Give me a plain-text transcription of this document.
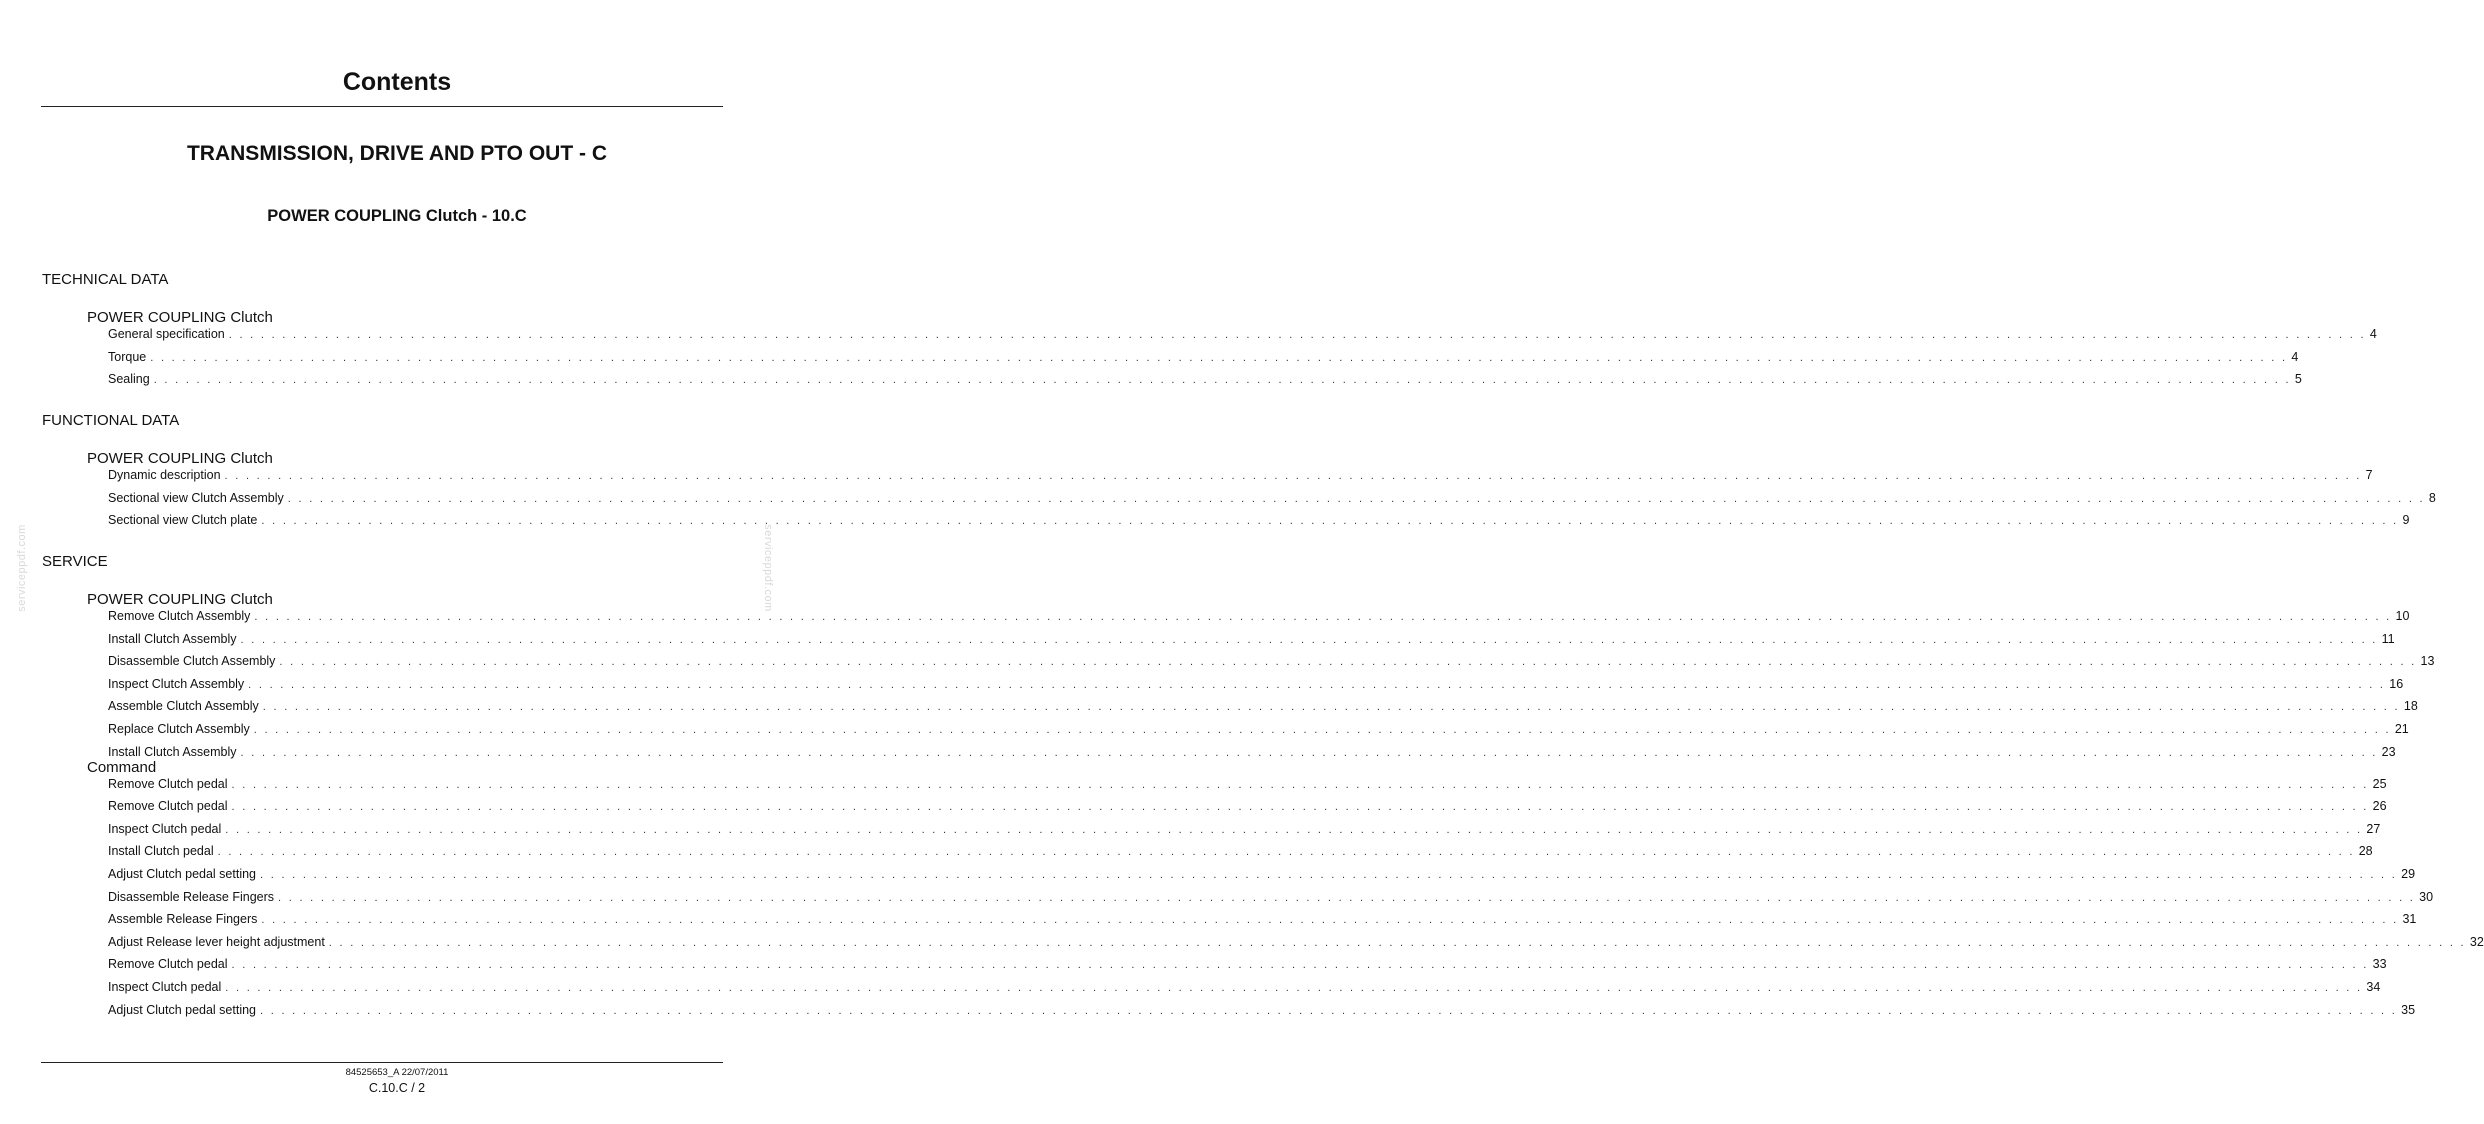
Contents
TRANSMISSION, DRIVE AND PTO OUT - C
POWER COUPLING Clutch - 10.C
serviceppdf.com	serviceppdf.com
TECHNICAL DATA
POWER COUPLING Clutch
General specification . . . . . . . . . . . . . . . . . . . . . . . . . . . . . . . . . . . . . . . . . . . . . . . . . . . . . . . . . . . . . . . . . . . . . . . . . . . . . . . . . . . . . . . . . . . . . . . . . . . . . . . . . . . . . . . . . . . . . . . . . . . . . . . . . . . . . . . . . . . . . . . . . . . . . . . . . . . . . . . . . . . . . . . . . . . . . . . . . . . . . . . . . . . . . . . . . . . . . . . . 4
Torque . . . . . . . . . . . . . . . . . . . . . . . . . . . . . . . . . . . . . . . . . . . . . . . . . . . . . . . . . . . . . . . . . . . . . . . . . . . . . . . . . . . . . . . . . . . . . . . . . . . . . . . . . . . . . . . . . . . . . . . . . . . . . . . . . . . . . . . . . . . . . . . . . . . . . . . . . . . . . . . . . . . . . . . . . . . . . . . . . . . . . . . . . . . . . . . . . . . . . . . . 4
Sealing . . . . . . . . . . . . . . . . . . . . . . . . . . . . . . . . . . . . . . . . . . . . . . . . . . . . . . . . . . . . . . . . . . . . . . . . . . . . . . . . . . . . . . . . . . . . . . . . . . . . . . . . . . . . . . . . . . . . . . . . . . . . . . . . . . . . . . . . . . . . . . . . . . . . . . . . . . . . . . . . . . . . . . . . . . . . . . . . . . . . . . . . . . . . . . . . . . . . . . . . 5
FUNCTIONAL DATA
POWER COUPLING Clutch
Dynamic description . . . . . . . . . . . . . . . . . . . . . . . . . . . . . . . . . . . . . . . . . . . . . . . . . . . . . . . . . . . . . . . . . . . . . . . . . . . . . . . . . . . . . . . . . . . . . . . . . . . . . . . . . . . . . . . . . . . . . . . . . . . . . . . . . . . . . . . . . . . . . . . . . . . . . . . . . . . . . . . . . . . . . . . . . . . . . . . . . . . . . . . . . . . . . . . . . . . . . . . . 7
Sectional view Clutch Assembly . . . . . . . . . . . . . . . . . . . . . . . . . . . . . . . . . . . . . . . . . . . . . . . . . . . . . . . . . . . . . . . . . . . . . . . . . . . . . . . . . . . . . . . . . . . . . . . . . . . . . . . . . . . . . . . . . . . . . . . . . . . . . . . . . . . . . . . . . . . . . . . . . . . . . . . . . . . . . . . . . . . . . . . . . . . . . . . . . . . . . . . . . . . . . . . . . . . . . . . . 8
Sectional view Clutch plate . . . . . . . . . . . . . . . . . . . . . . . . . . . . . . . . . . . . . . . . . . . . . . . . . . . . . . . . . . . . . . . . . . . . . . . . . . . . . . . . . . . . . . . . . . . . . . . . . . . . . . . . . . . . . . . . . . . . . . . . . . . . . . . . . . . . . . . . . . . . . . . . . . . . . . . . . . . . . . . . . . . . . . . . . . . . . . . . . . . . . . . . . . . . . . . . . . . . . . . . 9
SERVICE
POWER COUPLING Clutch
Remove Clutch Assembly . . . . . . . . . . . . . . . . . . . . . . . . . . . . . . . . . . . . . . . . . . . . . . . . . . . . . . . . . . . . . . . . . . . . . . . . . . . . . . . . . . . . . . . . . . . . . . . . . . . . . . . . . . . . . . . . . . . . . . . . . . . . . . . . . . . . . . . . . . . . . . . . . . . . . . . . . . . . . . . . . . . . . . . . . . . . . . . . . . . . . . . . . . . . . . . . . . . . . . . . 10
Install Clutch Assembly . . . . . . . . . . . . . . . . . . . . . . . . . . . . . . . . . . . . . . . . . . . . . . . . . . . . . . . . . . . . . . . . . . . . . . . . . . . . . . . . . . . . . . . . . . . . . . . . . . . . . . . . . . . . . . . . . . . . . . . . . . . . . . . . . . . . . . . . . . . . . . . . . . . . . . . . . . . . . . . . . . . . . . . . . . . . . . . . . . . . . . . . . . . . . . . . . . . . . . . . 11
Disassemble Clutch Assembly . . . . . . . . . . . . . . . . . . . . . . . . . . . . . . . . . . . . . . . . . . . . . . . . . . . . . . . . . . . . . . . . . . . . . . . . . . . . . . . . . . . . . . . . . . . . . . . . . . . . . . . . . . . . . . . . . . . . . . . . . . . . . . . . . . . . . . . . . . . . . . . . . . . . . . . . . . . . . . . . . . . . . . . . . . . . . . . . . . . . . . . . . . . . . . . . . . . . . . . . 13
Inspect Clutch Assembly . . . . . . . . . . . . . . . . . . . . . . . . . . . . . . . . . . . . . . . . . . . . . . . . . . . . . . . . . . . . . . . . . . . . . . . . . . . . . . . . . . . . . . . . . . . . . . . . . . . . . . . . . . . . . . . . . . . . . . . . . . . . . . . . . . . . . . . . . . . . . . . . . . . . . . . . . . . . . . . . . . . . . . . . . . . . . . . . . . . . . . . . . . . . . . . . . . . . . . . . 16
Assemble Clutch Assembly . . . . . . . . . . . . . . . . . . . . . . . . . . . . . . . . . . . . . . . . . . . . . . . . . . . . . . . . . . . . . . . . . . . . . . . . . . . . . . . . . . . . . . . . . . . . . . . . . . . . . . . . . . . . . . . . . . . . . . . . . . . . . . . . . . . . . . . . . . . . . . . . . . . . . . . . . . . . . . . . . . . . . . . . . . . . . . . . . . . . . . . . . . . . . . . . . . . . . . . . 18
Replace Clutch Assembly . . . . . . . . . . . . . . . . . . . . . . . . . . . . . . . . . . . . . . . . . . . . . . . . . . . . . . . . . . . . . . . . . . . . . . . . . . . . . . . . . . . . . . . . . . . . . . . . . . . . . . . . . . . . . . . . . . . . . . . . . . . . . . . . . . . . . . . . . . . . . . . . . . . . . . . . . . . . . . . . . . . . . . . . . . . . . . . . . . . . . . . . . . . . . . . . . . . . . . . . 21
Install Clutch Assembly . . . . . . . . . . . . . . . . . . . . . . . . . . . . . . . . . . . . . . . . . . . . . . . . . . . . . . . . . . . . . . . . . . . . . . . . . . . . . . . . . . . . . . . . . . . . . . . . . . . . . . . . . . . . . . . . . . . . . . . . . . . . . . . . . . . . . . . . . . . . . . . . . . . . . . . . . . . . . . . . . . . . . . . . . . . . . . . . . . . . . . . . . . . . . . . . . . . . . . . . 23
Command
Remove Clutch pedal . . . . . . . . . . . . . . . . . . . . . . . . . . . . . . . . . . . . . . . . . . . . . . . . . . . . . . . . . . . . . . . . . . . . . . . . . . . . . . . . . . . . . . . . . . . . . . . . . . . . . . . . . . . . . . . . . . . . . . . . . . . . . . . . . . . . . . . . . . . . . . . . . . . . . . . . . . . . . . . . . . . . . . . . . . . . . . . . . . . . . . . . . . . . . . . . . . . . . . . . 25
Remove Clutch pedal . . . . . . . . . . . . . . . . . . . . . . . . . . . . . . . . . . . . . . . . . . . . . . . . . . . . . . . . . . . . . . . . . . . . . . . . . . . . . . . . . . . . . . . . . . . . . . . . . . . . . . . . . . . . . . . . . . . . . . . . . . . . . . . . . . . . . . . . . . . . . . . . . . . . . . . . . . . . . . . . . . . . . . . . . . . . . . . . . . . . . . . . . . . . . . . . . . . . . . . . 26
Inspect Clutch pedal . . . . . . . . . . . . . . . . . . . . . . . . . . . . . . . . . . . . . . . . . . . . . . . . . . . . . . . . . . . . . . . . . . . . . . . . . . . . . . . . . . . . . . . . . . . . . . . . . . . . . . . . . . . . . . . . . . . . . . . . . . . . . . . . . . . . . . . . . . . . . . . . . . . . . . . . . . . . . . . . . . . . . . . . . . . . . . . . . . . . . . . . . . . . . . . . . . . . . . . . 27
Install Clutch pedal . . . . . . . . . . . . . . . . . . . . . . . . . . . . . . . . . . . . . . . . . . . . . . . . . . . . . . . . . . . . . . . . . . . . . . . . . . . . . . . . . . . . . . . . . . . . . . . . . . . . . . . . . . . . . . . . . . . . . . . . . . . . . . . . . . . . . . . . . . . . . . . . . . . . . . . . . . . . . . . . . . . . . . . . . . . . . . . . . . . . . . . . . . . . . . . . . . . . . . . . 28
Adjust Clutch pedal setting . . . . . . . . . . . . . . . . . . . . . . . . . . . . . . . . . . . . . . . . . . . . . . . . . . . . . . . . . . . . . . . . . . . . . . . . . . . . . . . . . . . . . . . . . . . . . . . . . . . . . . . . . . . . . . . . . . . . . . . . . . . . . . . . . . . . . . . . . . . . . . . . . . . . . . . . . . . . . . . . . . . . . . . . . . . . . . . . . . . . . . . . . . . . . . . . . . . . . . . . 29
Disassemble Release Fingers . . . . . . . . . . . . . . . . . . . . . . . . . . . . . . . . . . . . . . . . . . . . . . . . . . . . . . . . . . . . . . . . . . . . . . . . . . . . . . . . . . . . . . . . . . . . . . . . . . . . . . . . . . . . . . . . . . . . . . . . . . . . . . . . . . . . . . . . . . . . . . . . . . . . . . . . . . . . . . . . . . . . . . . . . . . . . . . . . . . . . . . . . . . . . . . . . . . . . . . . 30
Assemble Release Fingers . . . . . . . . . . . . . . . . . . . . . . . . . . . . . . . . . . . . . . . . . . . . . . . . . . . . . . . . . . . . . . . . . . . . . . . . . . . . . . . . . . . . . . . . . . . . . . . . . . . . . . . . . . . . . . . . . . . . . . . . . . . . . . . . . . . . . . . . . . . . . . . . . . . . . . . . . . . . . . . . . . . . . . . . . . . . . . . . . . . . . . . . . . . . . . . . . . . . . . . . 31
Adjust Release lever height adjustment . . . . . . . . . . . . . . . . . . . . . . . . . . . . . . . . . . . . . . . . . . . . . . . . . . . . . . . . . . . . . . . . . . . . . . . . . . . . . . . . . . . . . . . . . . . . . . . . . . . . . . . . . . . . . . . . . . . . . . . . . . . . . . . . . . . . . . . . . . . . . . . . . . . . . . . . . . . . . . . . . . . . . . . . . . . . . . . . . . . . . . . . . . . . . . . . . . . . . . . . 32
Remove Clutch pedal . . . . . . . . . . . . . . . . . . . . . . . . . . . . . . . . . . . . . . . . . . . . . . . . . . . . . . . . . . . . . . . . . . . . . . . . . . . . . . . . . . . . . . . . . . . . . . . . . . . . . . . . . . . . . . . . . . . . . . . . . . . . . . . . . . . . . . . . . . . . . . . . . . . . . . . . . . . . . . . . . . . . . . . . . . . . . . . . . . . . . . . . . . . . . . . . . . . . . . . . 33
Inspect Clutch pedal . . . . . . . . . . . . . . . . . . . . . . . . . . . . . . . . . . . . . . . . . . . . . . . . . . . . . . . . . . . . . . . . . . . . . . . . . . . . . . . . . . . . . . . . . . . . . . . . . . . . . . . . . . . . . . . . . . . . . . . . . . . . . . . . . . . . . . . . . . . . . . . . . . . . . . . . . . . . . . . . . . . . . . . . . . . . . . . . . . . . . . . . . . . . . . . . . . . . . . . . 34
Adjust Clutch pedal setting . . . . . . . . . . . . . . . . . . . . . . . . . . . . . . . . . . . . . . . . . . . . . . . . . . . . . . . . . . . . . . . . . . . . . . . . . . . . . . . . . . . . . . . . . . . . . . . . . . . . . . . . . . . . . . . . . . . . . . . . . . . . . . . . . . . . . . . . . . . . . . . . . . . . . . . . . . . . . . . . . . . . . . . . . . . . . . . . . . . . . . . . . . . . . . . . . . . . . . . . 35
84525653_A 22/07/2011
C.10.C / 2
